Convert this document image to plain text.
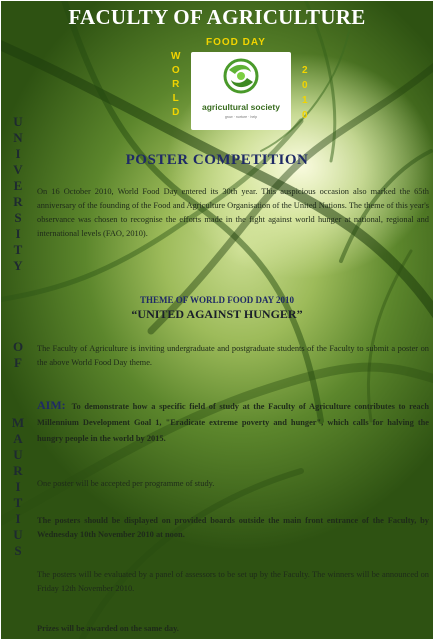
FACULTY OF AGRICULTURE
FOOD DAY
W
O
R
L
D
2
0
1
0
agricultural society
grow · nurture · help
U
N
I
V
E
R
S
I
T
Y
O
F
M
A
U
R
I
T
I
U
S
POSTER COMPETITION
On 16 October 2010, World Food Day entered its 30th year. This auspicious occasion also marked the 65th anniversary of the founding of the Food and Agriculture Organisation of the United Nations. The theme of this year's observance was chosen to recognise the efforts made in the fight against world hunger at national, regional and international levels (FAO, 2010).
THEME OF WORLD FOOD DAY 2010
“UNITED AGAINST HUNGER”
The Faculty of Agriculture is inviting undergraduate and postgraduate students of the Faculty to submit a poster on the above World Food Day theme.
AIM: To demonstrate how a specific field of study at the Faculty of Agriculture contributes to reach Millennium Development Goal 1, "Eradicate extreme poverty and hunger", which calls for halving the hungry people in the world by 2015.
One poster will be accepted per programme of study.
The posters should be displayed on provided boards outside the main front entrance of the Faculty, by Wednesday 10th November 2010 at noon.
The posters will be evaluated by a panel of assessors to be set up by the Faculty. The winners will be announced on Friday 12th November 2010.
Prizes will be awarded on the same day.
